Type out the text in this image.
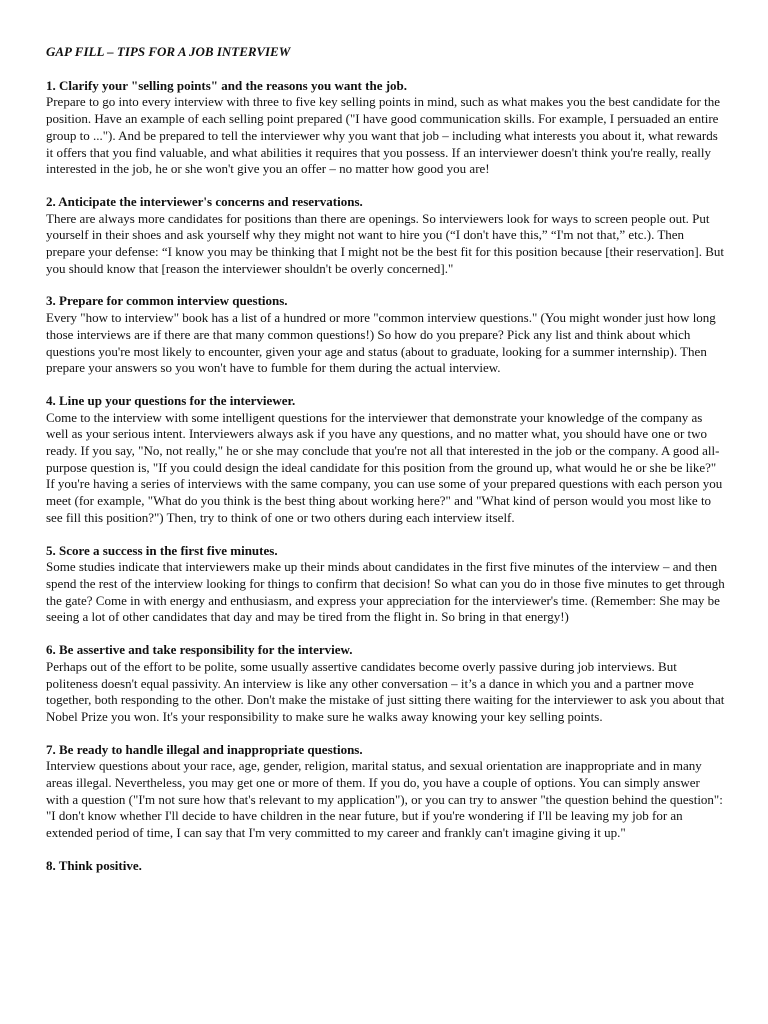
GAP FILL – TIPS FOR A JOB INTERVIEW

1. Clarify your "selling points" and the reasons you want the job.

Prepare to go into every interview with three to five key selling points in mind, such as what makes you the best candidate for the position. Have an example of each selling point prepared ("I have good communication skills. For example, I persuaded an entire group to ..."). And be prepared to tell the interviewer why you want that job – including what interests you about it, what rewards it offers that you find valuable, and what abilities it requires that you possess. If an interviewer doesn't think you're really, really interested in the job, he or she won't give you an offer – no matter how good you are!

2. Anticipate the interviewer's concerns and reservations.

There are always more candidates for positions than there are openings. So interviewers look for ways to screen people out. Put yourself in their shoes and ask yourself why they might not want to hire you (“I don't have this,” “I'm not that,” etc.). Then prepare your defense: “I know you may be thinking that I might not be the best fit for this position because [their reservation]. But you should know that [reason the interviewer shouldn't be overly concerned]."

3. Prepare for common interview questions.

Every "how to interview" book has a list of a hundred or more "common interview questions." (You might wonder just how long those interviews are if there are that many common questions!) So how do you prepare? Pick any list and think about which questions you're most likely to encounter, given your age and status (about to graduate, looking for a summer internship). Then prepare your answers so you won't have to fumble for them during the actual interview.

4. Line up your questions for the interviewer.

Come to the interview with some intelligent questions for the interviewer that demonstrate your knowledge of the company as well as your serious intent. Interviewers always ask if you have any questions, and no matter what, you should have one or two ready. If you say, "No, not really," he or she may conclude that you're not all that interested in the job or the company. A good all-purpose question is, "If you could design the ideal candidate for this position from the ground up, what would he or she be like?"

If you're having a series of interviews with the same company, you can use some of your prepared questions with each person you meet (for example, "What do you think is the best thing about working here?" and "What kind of person would you most like to see fill this position?") Then, try to think of one or two others during each interview itself.

5. Score a success in the first five minutes.

Some studies indicate that interviewers make up their minds about candidates in the first five minutes of the interview – and then spend the rest of the interview looking for things to confirm that decision! So what can you do in those five minutes to get through the gate? Come in with energy and enthusiasm, and express your appreciation for the interviewer's time. (Remember: She may be seeing a lot of other candidates that day and may be tired from the flight in. So bring in that energy!)

6. Be assertive and take responsibility for the interview.

Perhaps out of the effort to be polite, some usually assertive candidates become overly passive during job interviews. But politeness doesn't equal passivity. An interview is like any other conversation – it’s a dance in which you and a partner move together, both responding to the other. Don't make the mistake of just sitting there waiting for the interviewer to ask you about that Nobel Prize you won. It's your responsibility to make sure he walks away knowing your key selling points.

7. Be ready to handle illegal and inappropriate questions.

Interview questions about your race, age, gender, religion, marital status, and sexual orientation are inappropriate and in many areas illegal. Nevertheless, you may get one or more of them. If you do, you have a couple of options. You can simply answer with a question ("I'm not sure how that's relevant to my application"), or you can try to answer "the question behind the question": "I don't know whether I'll decide to have children in the near future, but if you're wondering if I'll be leaving my job for an extended period of time, I can say that I'm very committed to my career and frankly can't imagine giving it up."

8. Think positive.
